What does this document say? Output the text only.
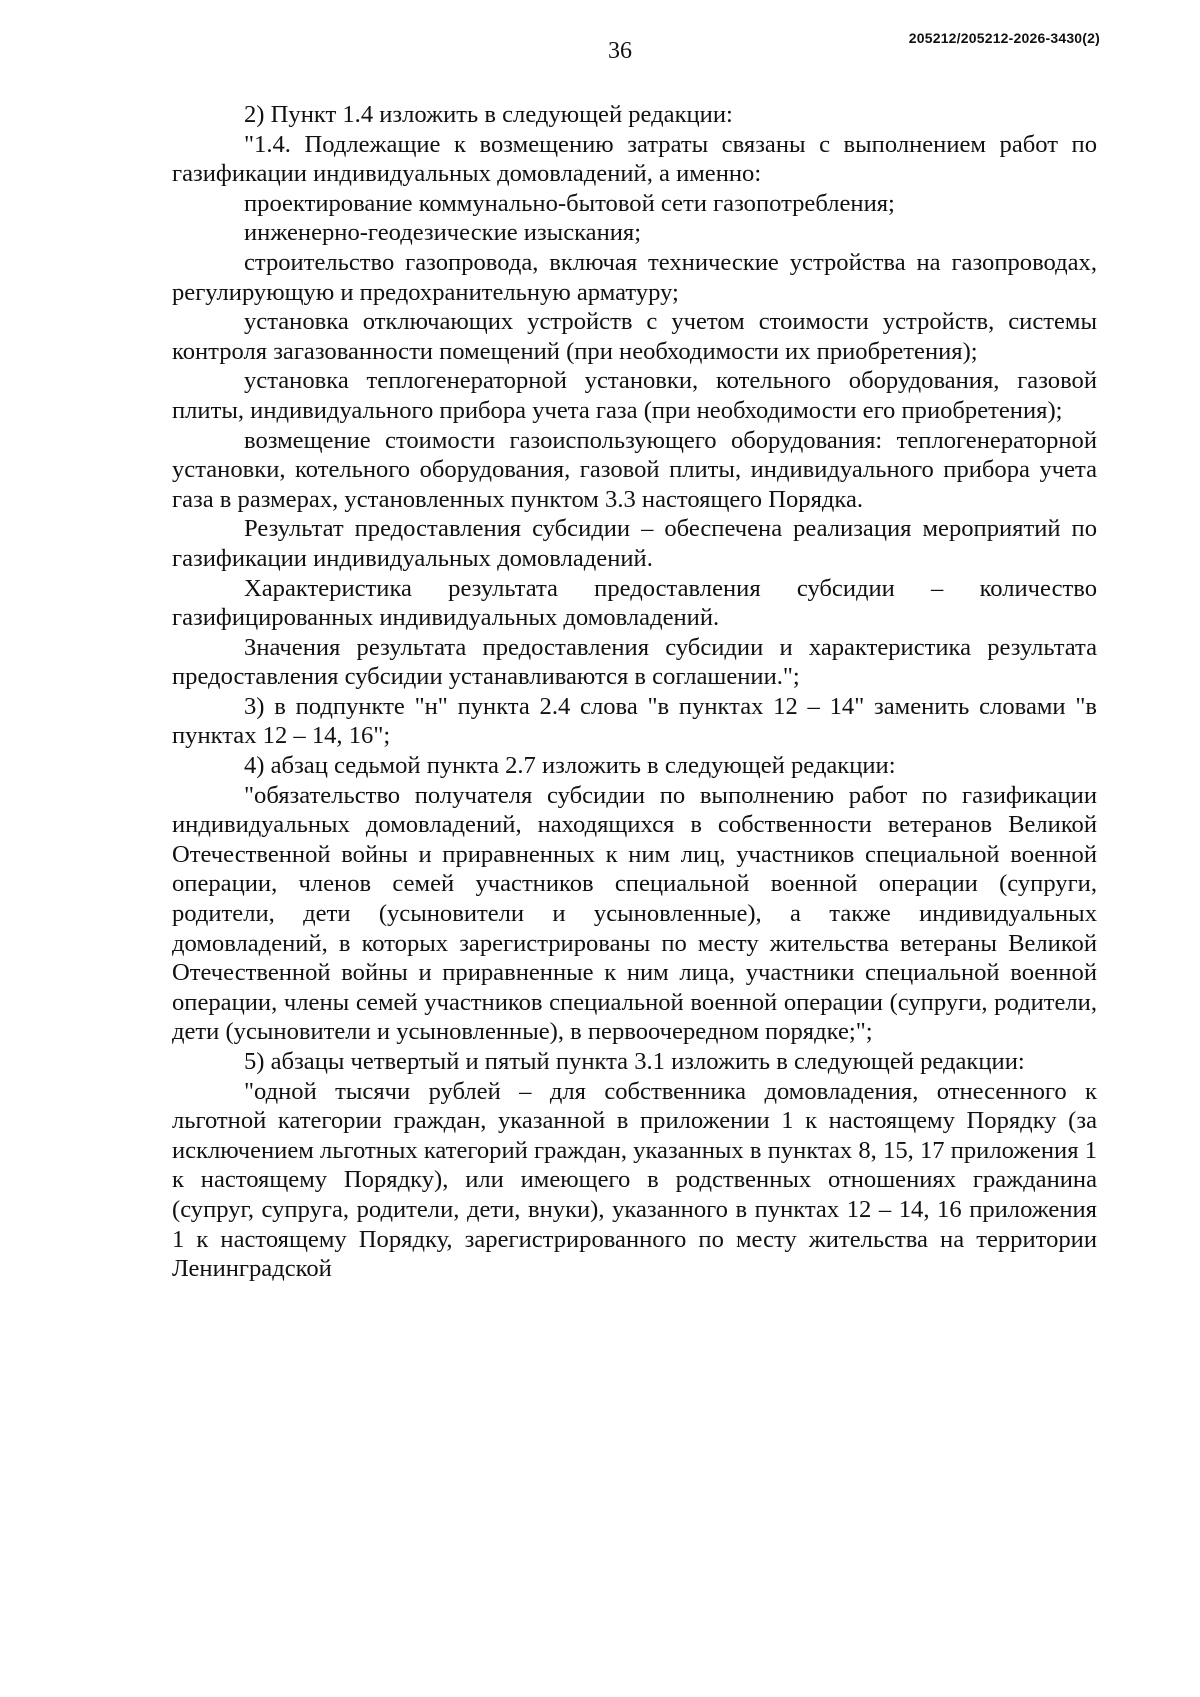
36	205212/205212-2026-3430(2)

2) Пункт 1.4 изложить в следующей редакции:

"1.4. Подлежащие к возмещению затраты связаны с выполнением работ по газификации индивидуальных домовладений, а именно:

проектирование коммунально-бытовой сети газопотребления;

инженерно-геодезические изыскания;

строительство газопровода, включая технические устройства на газопроводах, регулирующую и предохранительную арматуру;

установка отключающих устройств с учетом стоимости устройств, системы контроля загазованности помещений (при необходимости их приобретения);

установка теплогенераторной установки, котельного оборудования, газовой плиты, индивидуального прибора учета газа (при необходимости его приобретения);

возмещение стоимости газоиспользующего оборудования: теплогенераторной установки, котельного оборудования, газовой плиты, индивидуального прибора учета газа в размерах, установленных пунктом 3.3 настоящего Порядка.

Результат предоставления субсидии – обеспечена реализация мероприятий по газификации индивидуальных домовладений.

Характеристика результата предоставления субсидии – количество газифицированных индивидуальных домовладений.

Значения результата предоставления субсидии и характеристика результата предоставления субсидии устанавливаются в соглашении.";

3) в подпункте "н" пункта 2.4 слова "в пунктах 12 – 14" заменить словами "в пунктах 12 – 14, 16";

4) абзац седьмой пункта 2.7 изложить в следующей редакции:

"обязательство получателя субсидии по выполнению работ по газификации индивидуальных домовладений, находящихся в собственности ветеранов Великой Отечественной войны и приравненных к ним лиц, участников специальной военной операции, членов семей участников специальной военной операции (супруги, родители, дети (усыновители и усыновленные), а также индивидуальных домовладений, в которых зарегистрированы по месту жительства ветераны Великой Отечественной войны и приравненные к ним лица, участники специальной военной операции, члены семей участников специальной военной операции (супруги, родители, дети (усыновители и усыновленные), в первоочередном порядке;";

5) абзацы четвертый и пятый пункта 3.1 изложить в следующей редакции:

"одной тысячи рублей – для собственника домовладения, отнесенного к льготной категории граждан, указанной в приложении 1 к настоящему Порядку (за исключением льготных категорий граждан, указанных в пунктах 8, 15, 17 приложения 1 к настоящему Порядку), или имеющего в родственных отношениях гражданина (супруг, супруга, родители, дети, внуки), указанного в пунктах 12 – 14, 16 приложения 1 к настоящему Порядку, зарегистрированного по месту жительства на территории Ленинградской
